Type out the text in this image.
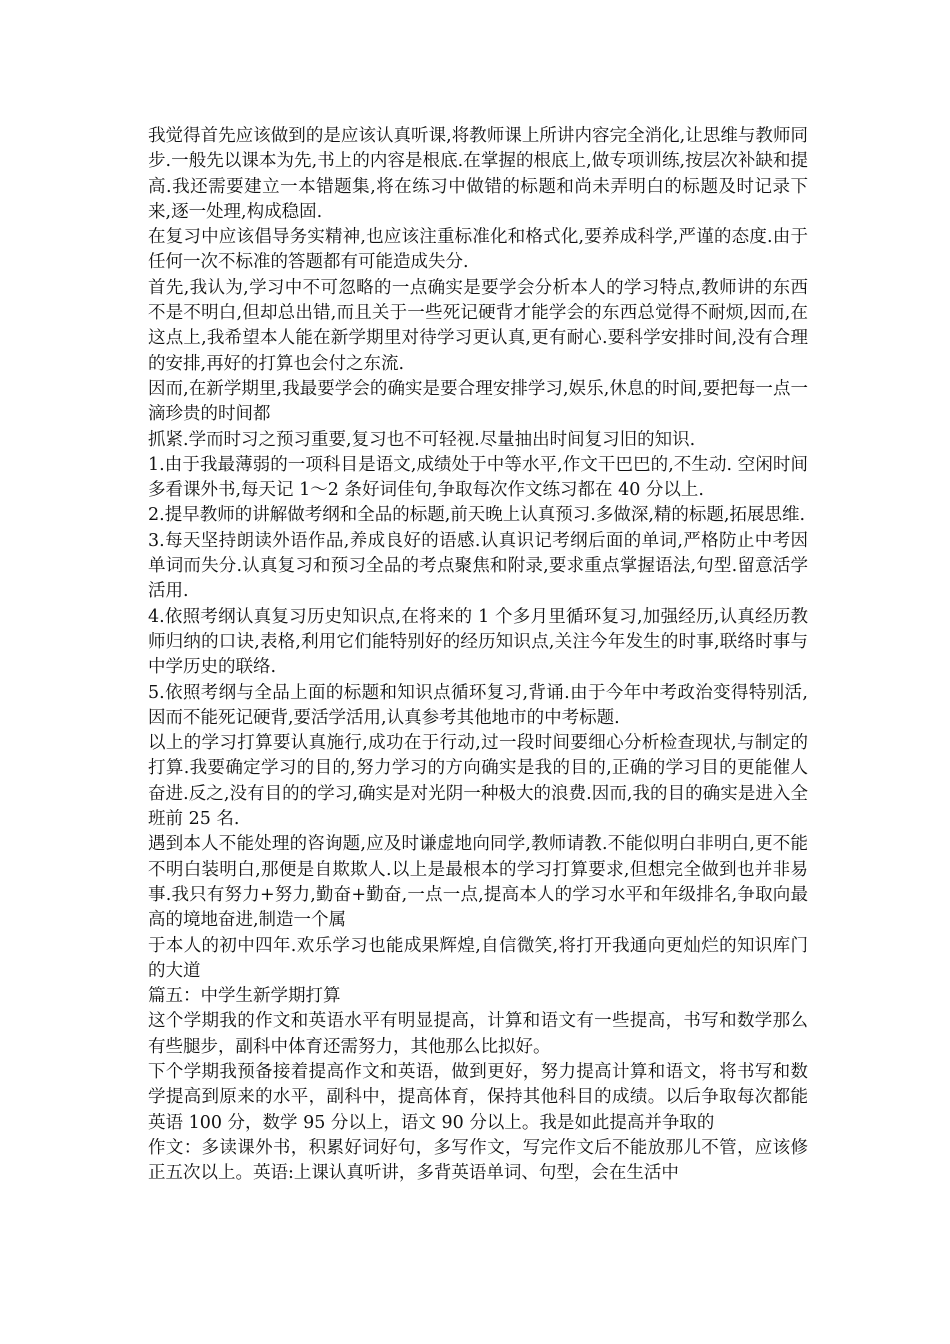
我觉得首先应该做到的是应该认真听课,将教师课上所讲内容完全消化,让思维与教师同步.一般先以课本为先,书上的内容是根底.在掌握的根底上,做专项训练,按层次补缺和提高.我还需要建立一本错题集,将在练习中做错的标题和尚未弄明白的标题及时记录下来,逐一处理,构成稳固.

在复习中应该倡导务实精神,也应该注重标准化和格式化,要养成科学,严谨的态度.由于任何一次不标准的答题都有可能造成失分.

首先,我认为,学习中不可忽略的一点确实是要学会分析本人的学习特点,教师讲的东西不是不明白,但却总出错,而且关于一些死记硬背才能学会的东西总觉得不耐烦,因而,在这点上,我希望本人能在新学期里对待学习更认真,更有耐心.要科学安排时间,没有合理的安排,再好的打算也会付之东流.

因而,在新学期里,我最要学会的确实是要合理安排学习,娱乐,休息的时间,要把每一点一滴珍贵的时间都

抓紧.学而时习之预习重要,复习也不可轻视.尽量抽出时间复习旧的知识.

1.由于我最薄弱的一项科目是语文,成绩处于中等水平,作文干巴巴的,不生动. 空闲时间多看课外书,每天记 1～2 条好词佳句,争取每次作文练习都在 40 分以上.

2.提早教师的讲解做考纲和全品的标题,前天晚上认真预习.多做深,精的标题,拓展思维.

3.每天坚持朗读外语作品,养成良好的语感.认真识记考纲后面的单词,严格防止中考因单词而失分.认真复习和预习全品的考点聚焦和附录,要求重点掌握语法,句型.留意活学活用.

4.依照考纲认真复习历史知识点,在将来的 1 个多月里循环复习,加强经历,认真经历教师归纳的口诀,表格,利用它们能特别好的经历知识点,关注今年发生的时事,联络时事与中学历史的联络.

5.依照考纲与全品上面的标题和知识点循环复习,背诵.由于今年中考政治变得特别活,因而不能死记硬背,要活学活用,认真参考其他地市的中考标题.

以上的学习打算要认真施行,成功在于行动,过一段时间要细心分析检查现状,与制定的打算.我要确定学习的目的,努力学习的方向确实是我的目的,正确的学习目的更能催人奋进.反之,没有目的的学习,确实是对光阴一种极大的浪费.因而,我的目的确实是进入全班前 25 名.

遇到本人不能处理的咨询题,应及时谦虚地向同学,教师请教.不能似明白非明白,更不能不明白装明白,那便是自欺欺人.以上是最根本的学习打算要求,但想完全做到也并非易事.我只有努力+努力,勤奋+勤奋,一点一点,提高本人的学习水平和年级排名,争取向最高的境地奋进,制造一个属

于本人的初中四年.欢乐学习也能成果辉煌,自信微笑,将打开我通向更灿烂的知识库门的大道

篇五：中学生新学期打算

这个学期我的作文和英语水平有明显提高，计算和语文有一些提高，书写和数学那么有些腿步，副科中体育还需努力，其他那么比拟好。

下个学期我预备接着提高作文和英语，做到更好，努力提高计算和语文，将书写和数学提高到原来的水平，副科中，提高体育，保持其他科目的成绩。以后争取每次都能英语 100 分，数学 95 分以上，语文 90 分以上。我是如此提高并争取的

作文：多读课外书，积累好词好句，多写作文，写完作文后不能放那儿不管，应该修正五次以上。英语:上课认真听讲，多背英语单词、句型，会在生活中
